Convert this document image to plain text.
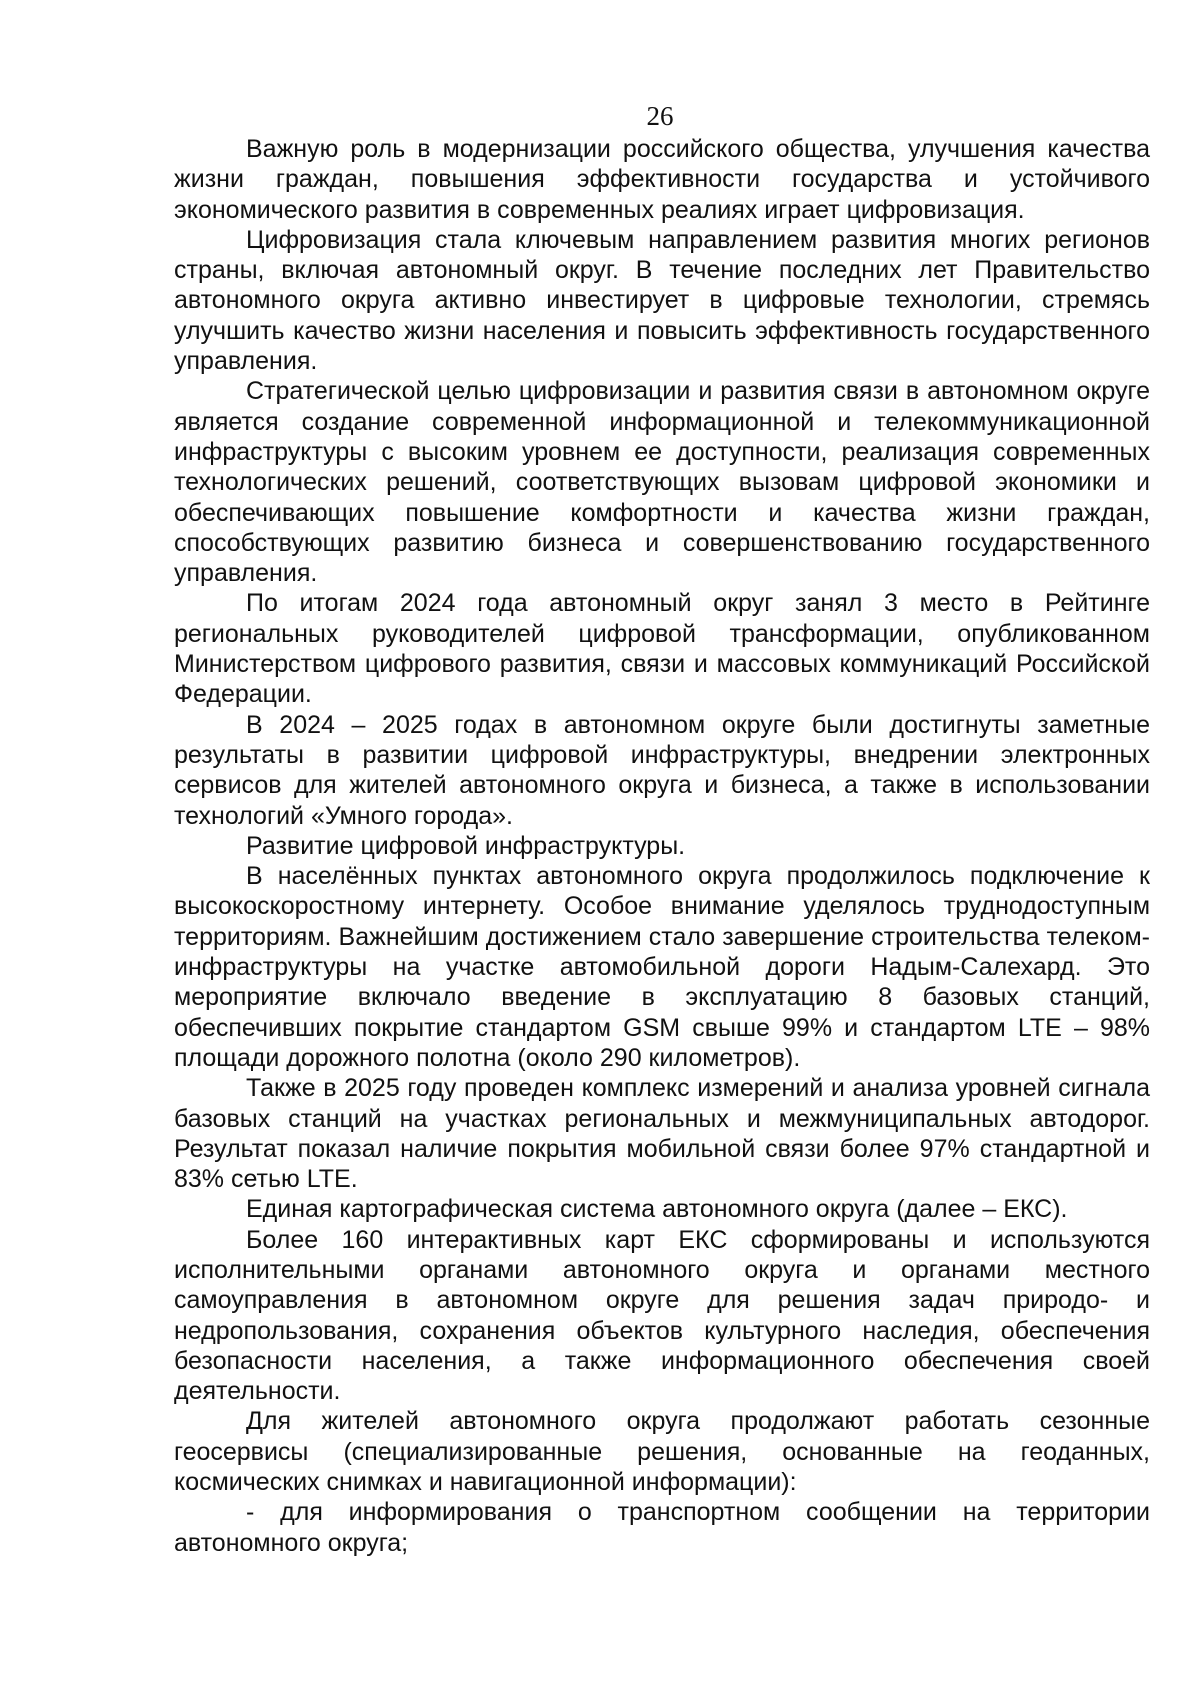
26

Важную роль в модернизации российского общества, улучшения качества жизни граждан, повышения эффективности государства и устойчивого экономического развития в современных реалиях играет цифровизация.

Цифровизация стала ключевым направлением развития многих регионов страны, включая автономный округ. В течение последних лет Правительство автономного округа активно инвестирует в цифровые технологии, стремясь улучшить качество жизни населения и повысить эффективность государственного управления.

Стратегической целью цифровизации и развития связи в автономном округе является создание современной информационной и телекоммуникационной инфраструктуры с высоким уровнем ее доступности, реализация современных технологических решений, соответствующих вызовам цифровой экономики и обеспечивающих повышение комфортности и качества жизни граждан, способствующих развитию бизнеса и совершенствованию государственного управления.

По итогам 2024 года автономный округ занял 3 место в Рейтинге региональных руководителей цифровой трансформации, опубликованном Министерством цифрового развития, связи и массовых коммуникаций Российской Федерации.

В 2024 – 2025 годах в автономном округе были достигнуты заметные результаты в развитии цифровой инфраструктуры, внедрении электронных сервисов для жителей автономного округа и бизнеса, а также в использовании технологий «Умного города».

Развитие цифровой инфраструктуры.

В населённых пунктах автономного округа продолжилось подключение к высокоскоростному интернету. Особое внимание уделялось труднодоступным территориям. Важнейшим достижением стало завершение строительства телеком-инфраструктуры на участке автомобильной дороги Надым-Салехард. Это мероприятие включало введение в эксплуатацию 8 базовых станций, обеспечивших покрытие стандартом GSM свыше 99% и стандартом LTE – 98% площади дорожного полотна (около 290 километров).

Также в 2025 году проведен комплекс измерений и анализа уровней сигнала базовых станций на участках региональных и межмуниципальных автодорог. Результат показал наличие покрытия мобильной связи более 97% стандартной и 83% сетью LTE.

Единая картографическая система автономного округа (далее – ЕКС).

Более 160 интерактивных карт ЕКС сформированы и используются исполнительными органами автономного округа и органами местного самоуправления в автономном округе для решения задач природо- и недропользования, сохранения объектов культурного наследия, обеспечения безопасности населения, а также информационного обеспечения своей деятельности.

Для жителей автономного округа продолжают работать сезонные геосервисы (специализированные решения, основанные на геоданных, космических снимках и навигационной информации):

- для информирования о транспортном сообщении на территории автономного округа;
